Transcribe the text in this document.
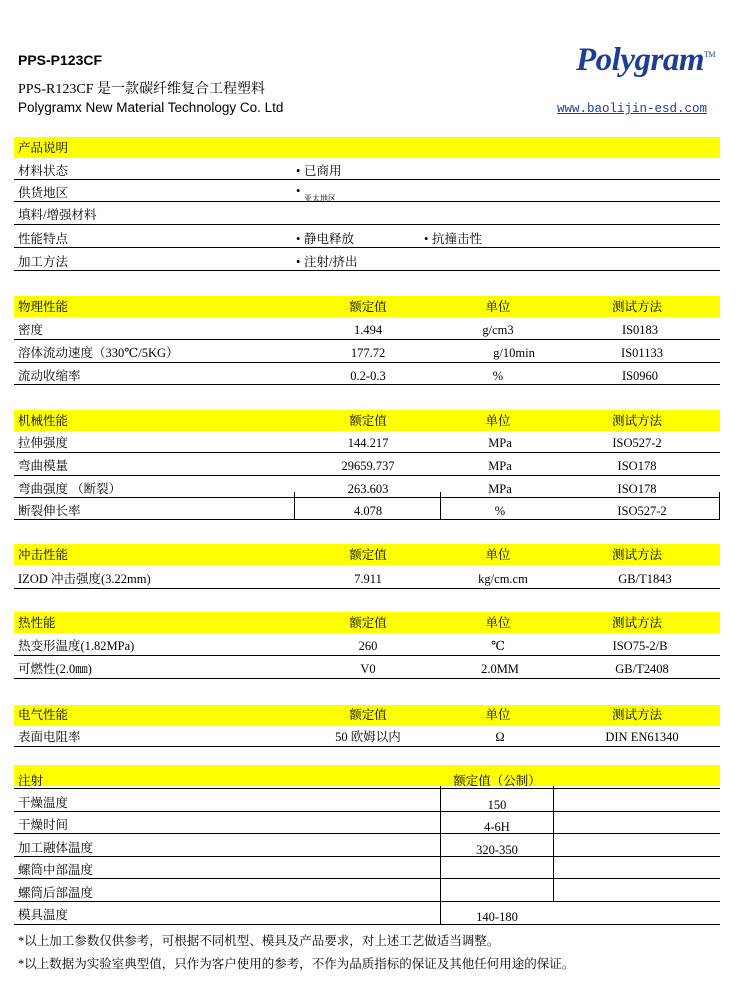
PPS-P123CF
PPS-R123CF 是一款碳纤维复合工程塑料
Polygramx New Material Technology Co. Ltd
Polygram™
www.baolijin-esd.com
产品说明
材料状态	• 已商用
供货地区	•
亚太地区
填料/增强材料
性能特点	• 静电释放	• 抗撞击性
加工方法	• 注射/挤出
物理性能	额定值	单位	测试方法
密度	1.494	g/cm3	IS0183
溶体流动速度（330℃/5KG）	177.72	g/10min	IS01133
流动收缩率	0.2-0.3	%	IS0960
机械性能	额定值	单位	测试方法
拉伸强度	144.217	MPa	ISO527-2
弯曲模量	29659.737	MPa	ISO178
弯曲强度 （断裂）	263.603	MPa	ISO178
断裂伸长率	4.078	%	ISO527-2
冲击性能	额定值	单位	测试方法
IZOD 冲击强度(3.22mm)	7.911	kg/cm.cm	GB/T1843
热性能	额定值	单位	测试方法
热变形温度(1.82MPa)	260	℃	ISO75-2/B
可燃性(2.0㎜)	V0	2.0MM	GB/T2408
电气性能	额定值	单位	测试方法
表面电阻率	50 欧姆以内	Ω	DIN EN61340
注射	额定值（公制）
干燥温度	150
干燥时间	4-6H
加工融体温度	320-350
螺筒中部温度
螺筒后部温度
模具温度	140-180
*以上加工参数仅供参考，可根据不同机型、模具及产品要求，对上述工艺做适当调整。
*以上数据为实验室典型值，只作为客户使用的参考，不作为品质指标的保证及其他任何用途的保证。
